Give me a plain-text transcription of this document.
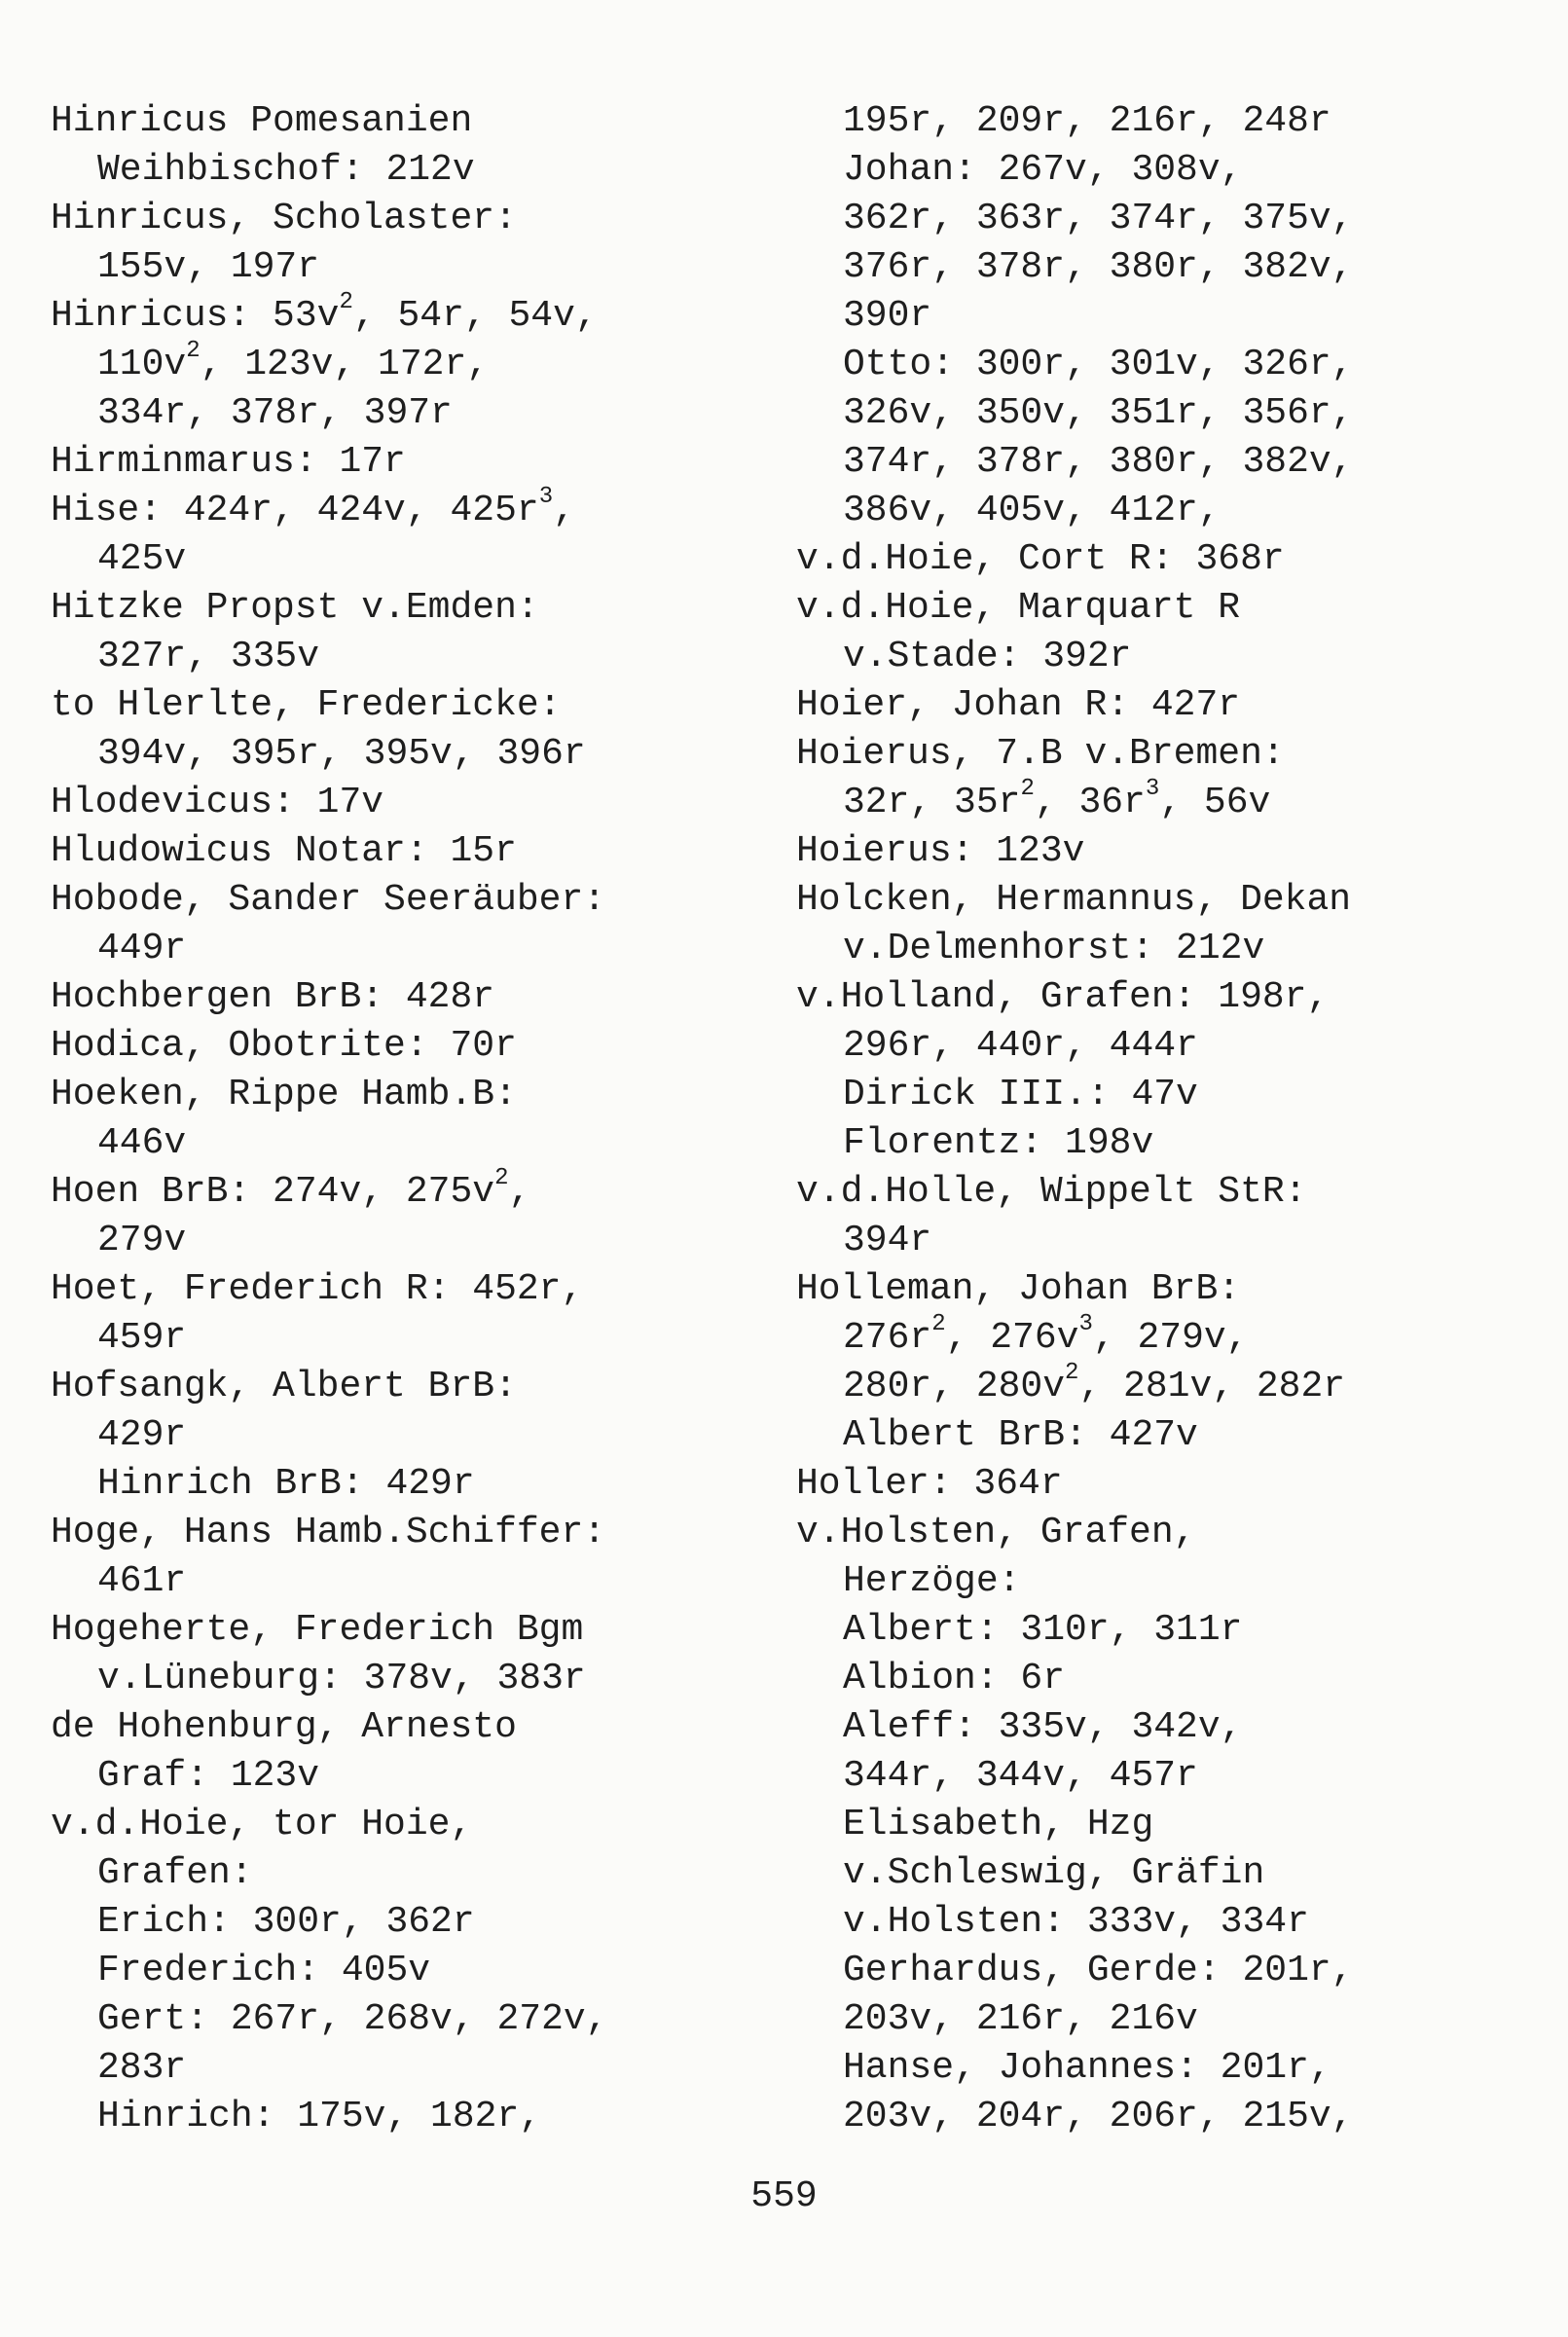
Hinricus Pomesanien
Weihbischof: 212v
Hinricus, Scholaster:
155v, 197r
Hinricus: $53v^2$, 54r, 54v,
$110v^2$, 123v, 172r,
334r, 378r, 397r
Hirminmarus: 17r
Hise: 424r, 424v, $425r^3$,
425v
Hitzke Propst v.Emden:
327r, 335v
to Hlerlte, Fredericke:
394v, 395r, 395v, 396r
Hlodevicus: 17v
Hludowicus Notar: 15r
Hobode, Sander Seeräuber:
449r
Hochbergen BrB: 428r
Hodica, Obotrite: 70r
Hoeken, Rippe Hamb.B:
446v
Hoen BrB: 274v, $275v^2$,
279v
Hoet, Frederich R: 452r,
459r
Hofsangk, Albert BrB:
429r
Hinrich BrB: 429r
Hoge, Hans Hamb.Schiffer:
461r
Hogeherte, Frederich Bgm
v.Lüneburg: 378v, 383r
de Hohenburg, Arnesto
Graf: 123v
v.d.Hoie, tor Hoie,
Grafen:
Erich: 300r, 362r
Frederich: 405v
Gert: 267r, 268v, 272v,
283r
Hinrich: 175v, 182r,
195r, 209r, 216r, 248r
Johan: 267v, 308v,
362r, 363r, 374r, 375v,
376r, 378r, 380r, 382v,
390r
Otto: 300r, 301v, 326r,
326v, 350v, 351r, 356r,
374r, 378r, 380r, 382v,
386v, 405v, 412r,
v.d.Hoie, Cort R: 368r
v.d.Hoie, Marquart R
v.Stade: 392r
Hoier, Johan R: 427r
Hoierus, 7.B v.Bremen:
32r, $35r^2$, $36r^3$, 56v
Hoierus: 123v
Holcken, Hermannus, Dekan
v.Delmenhorst: 212v
v.Holland, Grafen: 198r,
296r, 440r, 444r
Dirick III.: 47v
Florentz: 198v
v.d.Holle, Wippelt StR:
394r
Holleman, Johan BrB:
$276r^2$, $276v^3$, 279v,
280r, $280v^2$, 281v, 282r
Albert BrB: 427v
Holler: 364r
v.Holsten, Grafen,
Herzöge:
Albert: 310r, 311r
Albion: 6r
Aleff: 335v, 342v,
344r, 344v, 457r
Elisabeth, Hzg
v.Schleswig, Gräfin
v.Holsten: 333v, 334r
Gerhardus, Gerde: 201r,
203v, 216r, 216v
Hanse, Johannes: 201r,
203v, 204r, 206r, 215v,
559
